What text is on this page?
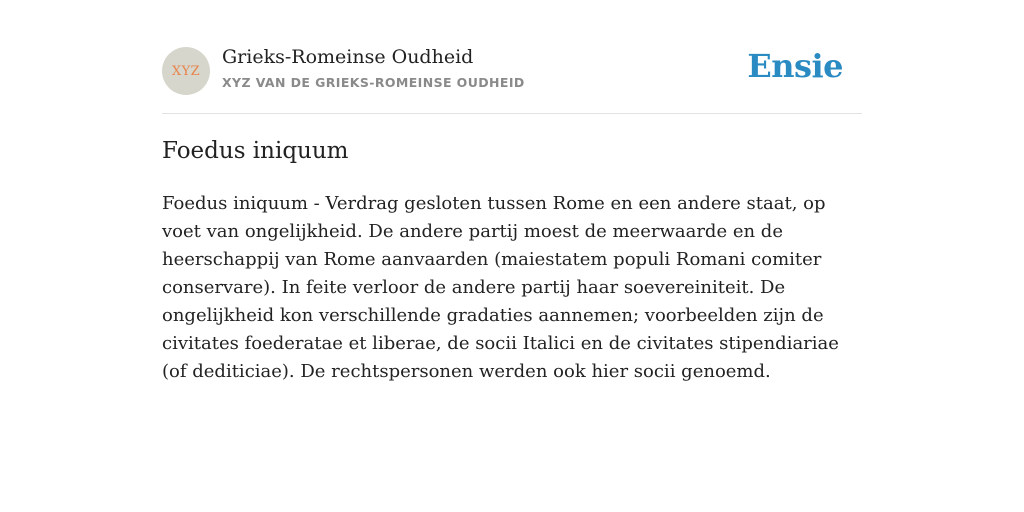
XYZ
Grieks-Romeinse Oudheid
XYZ VAN DE GRIEKS-ROMEINSE OUDHEID	Ensie
Foedus iniquum

Foedus iniquum - Verdrag gesloten tussen Rome en een andere staat, op voet van ongelijkheid. De andere partij moest de meerwaarde en de heerschappij van Rome aanvaarden (maiestatem populi Romani comiter conservare). In feite verloor de andere partij haar soevereiniteit. De ongelijkheid kon verschillende gradaties aannemen; voorbeelden zijn de civitates foederatae et liberae, de socii Italici en de civitates stipendiariae (of dediticiae). De rechtspersonen werden ook hier socii genoemd.
